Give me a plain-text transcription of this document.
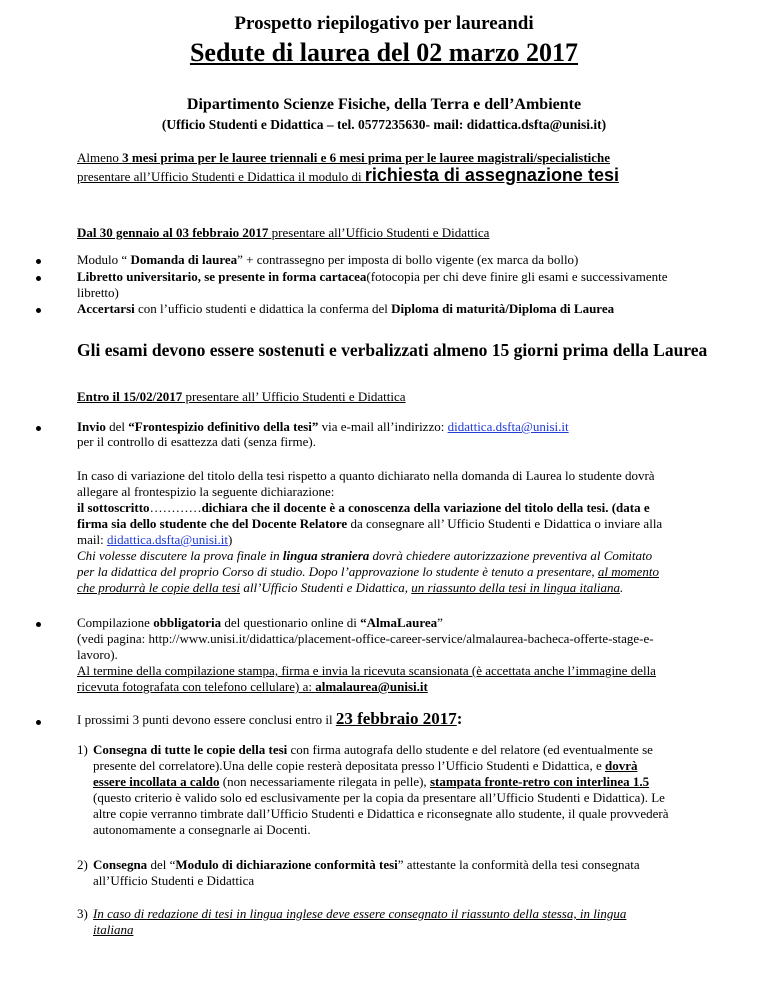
Prospetto riepilogativo per laureandi
Sedute di laurea del 02 marzo 2017
Dipartimento Scienze Fisiche, della Terra e dell’Ambiente
(Ufficio Studenti e Didattica – tel. 0577235630- mail: didattica.dsfta@unisi.it)
Almeno 3 mesi prima per le lauree triennali e 6 mesi prima per le lauree magistrali/specialistiche
presentare all’Ufficio Studenti e Didattica il modulo di richiesta di assegnazione tesi
Dal 30 gennaio al 03 febbraio 2017 presentare all’Ufficio Studenti e Didattica
Modulo “ Domanda di laurea” + contrassegno per imposta di bollo vigente (ex marca da bollo)
Libretto universitario, se presente in forma cartacea(fotocopia per chi deve finire gli esami e successivamente
libretto)
Accertarsi con l’ufficio studenti e didattica la conferma del Diploma di maturità/Diploma di Laurea
Gli esami devono essere sostenuti e verbalizzati almeno 15 giorni prima della Laurea
Entro il 15/02/2017 presentare all’ Ufficio Studenti e Didattica
Invio del “Frontespizio definitivo della tesi” via e-mail all’indirizzo: didattica.dsfta@unisi.it
per il controllo di esattezza dati (senza firme).
In caso di variazione del titolo della tesi rispetto a quanto dichiarato nella domanda di Laurea lo studente dovrà
allegare al frontespizio la seguente dichiarazione:
il sottoscritto…………dichiara che il docente è a conoscenza della variazione del titolo della tesi. (data e
firma sia dello studente che del Docente Relatore da consegnare all’ Ufficio Studenti e Didattica o inviare alla
mail: didattica.dsfta@unisi.it)
Chi volesse discutere la prova finale in lingua straniera dovrà chiedere autorizzazione preventiva al Comitato
per la didattica del proprio Corso di studio. Dopo l’approvazione lo studente è tenuto a presentare, al momento
che produrrà le copie della tesi all’Ufficio Studenti e Didattica, un riassunto della tesi in lingua italiana.
Compilazione obbligatoria del questionario online di “AlmaLaurea”
(vedi pagina: http://www.unisi.it/didattica/placement-office-career-service/almalaurea-bacheca-offerte-stage-e-
lavoro).
Al termine della compilazione stampa, firma e invia la ricevuta scansionata (è accettata anche l’immagine della
ricevuta fotografata con telefono cellulare) a: almalaurea@unisi.it
I prossimi 3 punti devono essere conclusi entro il 23 febbraio 2017:
1) Consegna di tutte le copie della tesi con firma autografa dello studente e del relatore (ed eventualmente se
presente del correlatore).Una delle copie resterà depositata presso l’Ufficio Studenti e Didattica, e dovrà
essere incollata a caldo (non necessariamente rilegata in pelle), stampata fronte-retro con interlinea 1.5
(questo criterio è valido solo ed esclusivamente per la copia da presentare all’Ufficio Studenti e Didattica). Le
altre copie verranno timbrate dall’Ufficio Studenti e Didattica e riconsegnate allo studente, il quale provvederà
autonomamente a consegnarle ai Docenti.
2) Consegna del “Modulo di dichiarazione conformità tesi” attestante la conformità della tesi consegnata
all’Ufficio Studenti e Didattica
3) In caso di redazione di tesi in lingua inglese deve essere consegnato il riassunto della stessa, in lingua
italiana
